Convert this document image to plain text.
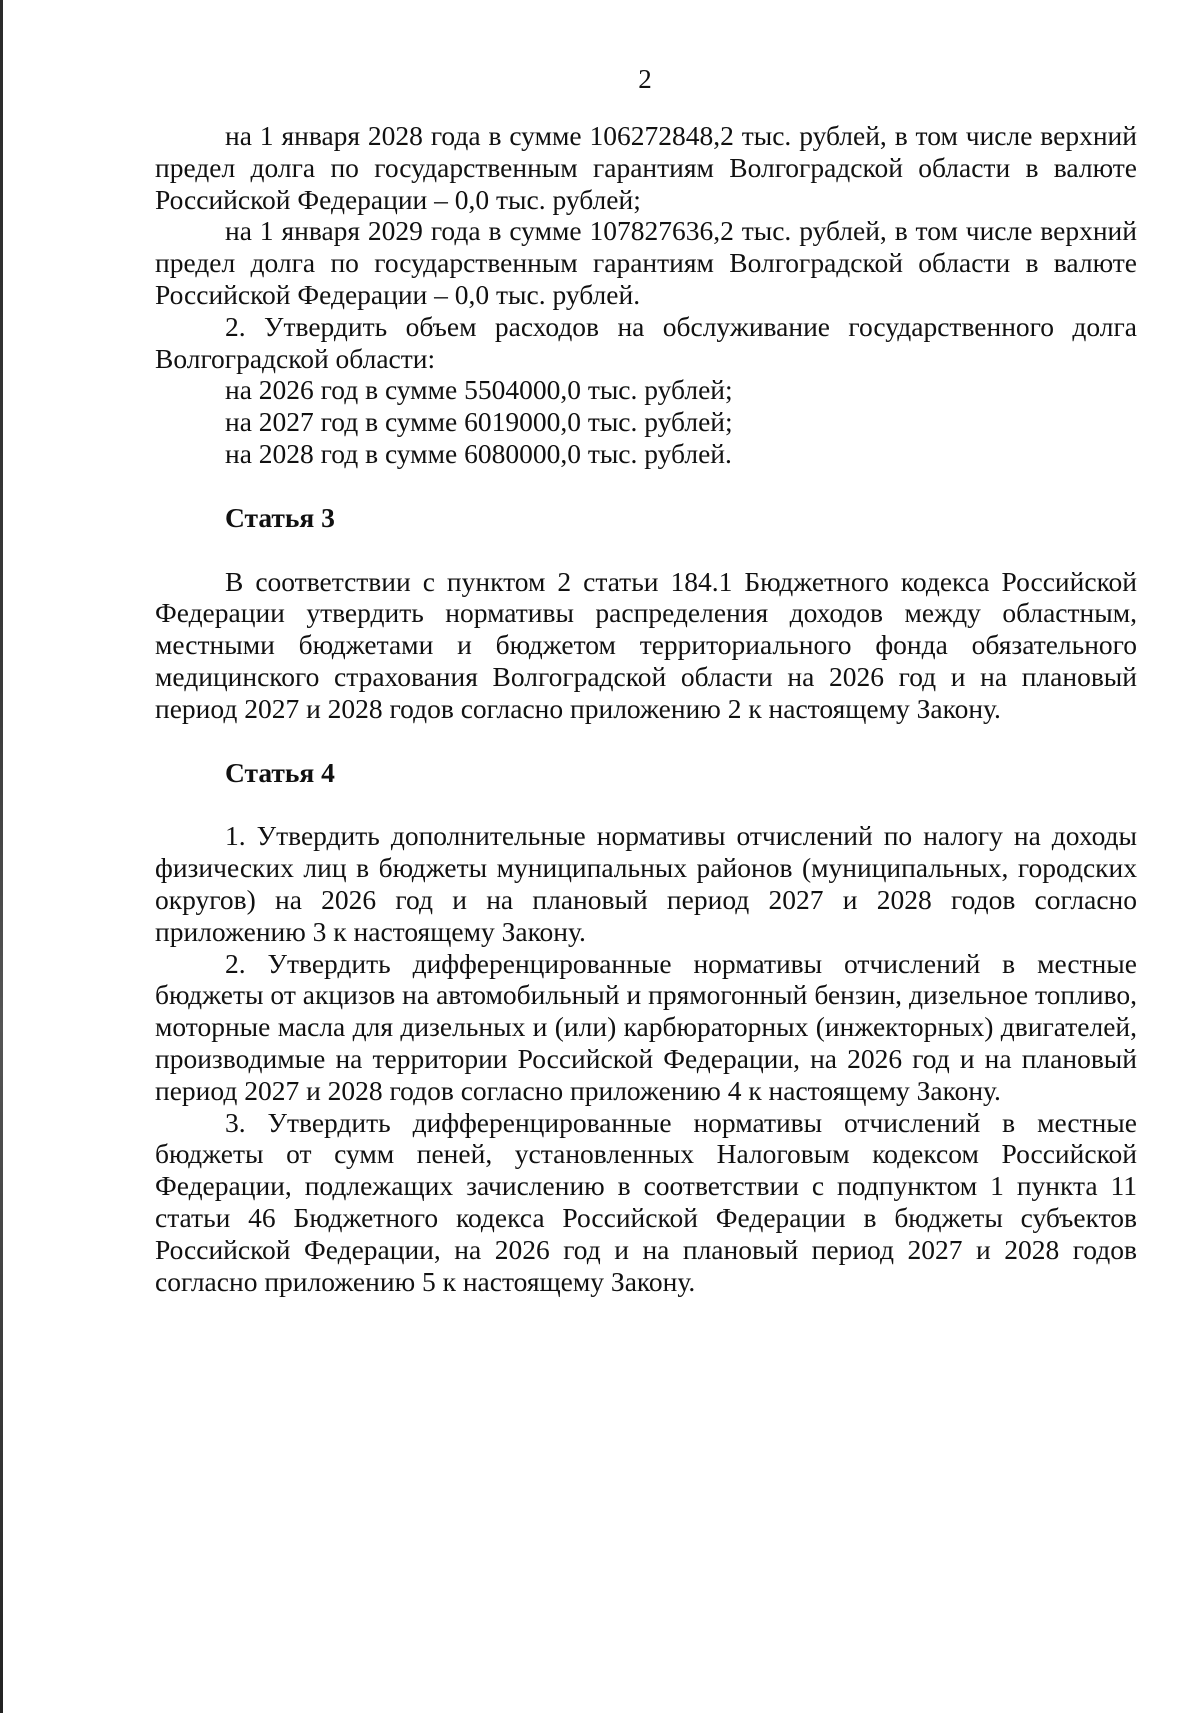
2

на 1 января 2028 года в сумме 106272848,2 тыс. рублей, в том числе верхний предел долга по государственным гарантиям Волгоградской области в валюте Российской Федерации – 0,0 тыс. рублей;

на 1 января 2029 года в сумме 107827636,2 тыс. рублей, в том числе верхний предел долга по государственным гарантиям Волгоградской области в валюте Российской Федерации – 0,0 тыс. рублей.

2. Утвердить объем расходов на обслуживание государственного долга Волгоградской области:

на 2026 год в сумме 5504000,0 тыс. рублей;

на 2027 год в сумме 6019000,0 тыс. рублей;

на 2028 год в сумме 6080000,0 тыс. рублей.

Статья 3

В соответствии с пунктом 2 статьи 184.1 Бюджетного кодекса Российской Федерации утвердить нормативы распределения доходов между областным, местными бюджетами и бюджетом территориального фонда обязательного медицинского страхования Волгоградской области на 2026 год и на плановый период 2027 и 2028 годов согласно приложению 2 к настоящему Закону.

Статья 4

1. Утвердить дополнительные нормативы отчислений по налогу на доходы физических лиц в бюджеты муниципальных районов (муниципальных, городских округов) на 2026 год и на плановый период 2027 и 2028 годов согласно приложению 3 к настоящему Закону.

2. Утвердить дифференцированные нормативы отчислений в местные бюджеты от акцизов на автомобильный и прямогонный бензин, дизельное топливо, моторные масла для дизельных и (или) карбюраторных (инжекторных) двигателей, производимые на территории Российской Федерации, на 2026 год и на плановый период 2027 и 2028 годов согласно приложению 4 к настоящему Закону.

3. Утвердить дифференцированные нормативы отчислений в местные бюджеты от сумм пеней, установленных Налоговым кодексом Российской Федерации, подлежащих зачислению в соответствии с подпунктом 1 пункта 11 статьи 46 Бюджетного кодекса Российской Федерации в бюджеты субъектов Российской Федерации, на 2026 год и на плановый период 2027 и 2028 годов согласно приложению 5 к настоящему Закону.
